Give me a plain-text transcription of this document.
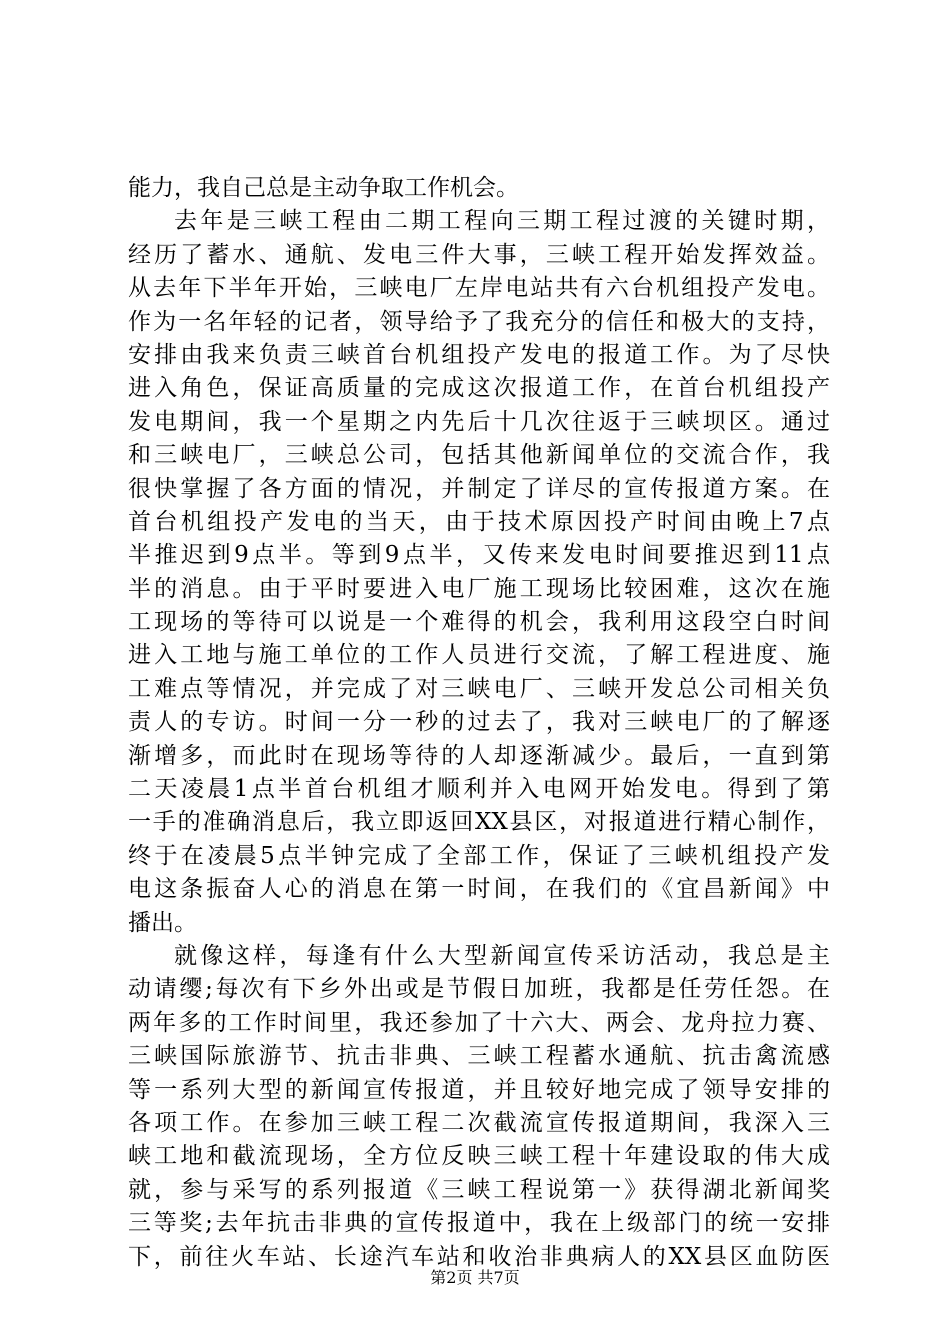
能力，我自己总是主动争取工作机会。
去年是三峡工程由二期工程向三期工程过渡的关键时期，
经历了蓄水、通航、发电三件大事，三峡工程开始发挥效益。
从去年下半年开始，三峡电厂左岸电站共有六台机组投产发电。
作为一名年轻的记者，领导给予了我充分的信任和极大的支持，
安排由我来负责三峡首台机组投产发电的报道工作。为了尽快
进入角色，保证高质量的完成这次报道工作，在首台机组投产
发电期间，我一个星期之内先后十几次往返于三峡坝区。通过
和三峡电厂，三峡总公司，包括其他新闻单位的交流合作，我
很快掌握了各方面的情况，并制定了详尽的宣传报道方案。在
首台机组投产发电的当天，由于技术原因投产时间由晚上7点
半推迟到9点半。等到9点半，又传来发电时间要推迟到11点
半的消息。由于平时要进入电厂施工现场比较困难，这次在施
工现场的等待可以说是一个难得的机会，我利用这段空白时间
进入工地与施工单位的工作人员进行交流，了解工程进度、施
工难点等情况，并完成了对三峡电厂、三峡开发总公司相关负
责人的专访。时间一分一秒的过去了，我对三峡电厂的了解逐
渐增多，而此时在现场等待的人却逐渐减少。最后，一直到第
二天凌晨1点半首台机组才顺利并入电网开始发电。得到了第
一手的准确消息后，我立即返回XX县区，对报道进行精心制作，
终于在凌晨5点半钟完成了全部工作，保证了三峡机组投产发
电这条振奋人心的消息在第一时间，在我们的《宜昌新闻》中
播出。
就像这样，每逢有什么大型新闻宣传采访活动，我总是主
动请缨;每次有下乡外出或是节假日加班，我都是任劳任怨。在
两年多的工作时间里，我还参加了十六大、两会、龙舟拉力赛、
三峡国际旅游节、抗击非典、三峡工程蓄水通航、抗击禽流感
等一系列大型的新闻宣传报道，并且较好地完成了领导安排的
各项工作。在参加三峡工程二次截流宣传报道期间，我深入三
峡工地和截流现场，全方位反映三峡工程十年建设取的伟大成
就，参与采写的系列报道《三峡工程说第一》获得湖北新闻奖
三等奖;去年抗击非典的宣传报道中，我在上级部门的统一安排
下，前往火车站、长途汽车站和收治非典病人的XX县区血防医
第2页 共7页
